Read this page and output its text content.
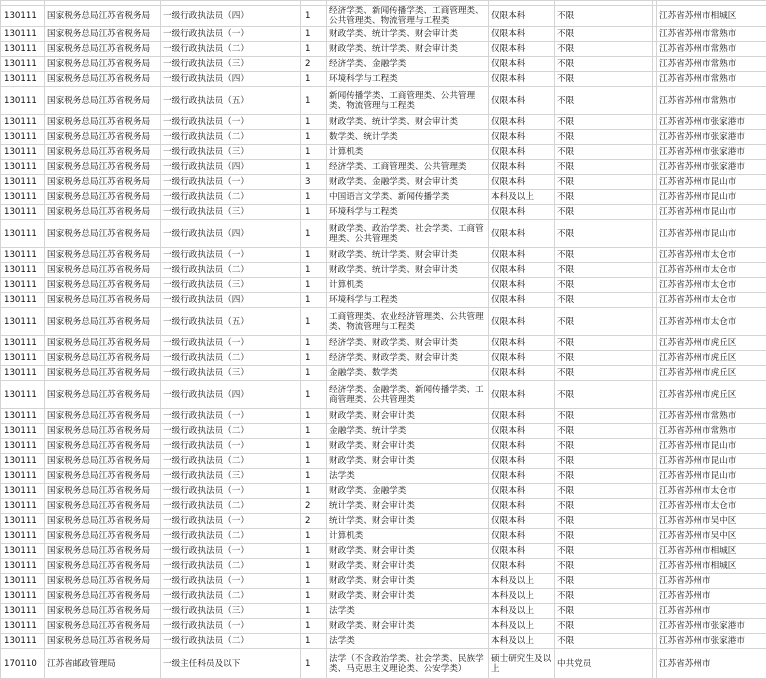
130111	国家税务总局江苏省税务局	一级行政执法员（四）	1	经济学类、新闻传播学类、工商管理类、公共管理类、物流管理与工程类	仅限本科	不限		江苏省苏州市相城区
130111	国家税务总局江苏省税务局	一级行政执法员（一）	1	财政学类、统计学类、财会审计类	仅限本科	不限		江苏省苏州市常熟市
130111	国家税务总局江苏省税务局	一级行政执法员（二）	1	财政学类、统计学类、财会审计类	仅限本科	不限		江苏省苏州市常熟市
130111	国家税务总局江苏省税务局	一级行政执法员（三）	2	经济学类、金融学类	仅限本科	不限		江苏省苏州市常熟市
130111	国家税务总局江苏省税务局	一级行政执法员（四）	1	环境科学与工程类	仅限本科	不限		江苏省苏州市常熟市
130111	国家税务总局江苏省税务局	一级行政执法员（五）	1	新闻传播学类、工商管理类、公共管理类、物流管理与工程类	仅限本科	不限		江苏省苏州市常熟市
130111	国家税务总局江苏省税务局	一级行政执法员（一）	1	财政学类、统计学类、财会审计类	仅限本科	不限		江苏省苏州市张家港市
130111	国家税务总局江苏省税务局	一级行政执法员（二）	1	数学类、统计学类	仅限本科	不限		江苏省苏州市张家港市
130111	国家税务总局江苏省税务局	一级行政执法员（三）	1	计算机类	仅限本科	不限		江苏省苏州市张家港市
130111	国家税务总局江苏省税务局	一级行政执法员（四）	1	经济学类、工商管理类、公共管理类	仅限本科	不限		江苏省苏州市张家港市
130111	国家税务总局江苏省税务局	一级行政执法员（一）	3	财政学类、金融学类、财会审计类	仅限本科	不限		江苏省苏州市昆山市
130111	国家税务总局江苏省税务局	一级行政执法员（二）	1	中国语言文学类、新闻传播学类	本科及以上	不限		江苏省苏州市昆山市
130111	国家税务总局江苏省税务局	一级行政执法员（三）	1	环境科学与工程类	仅限本科	不限		江苏省苏州市昆山市
130111	国家税务总局江苏省税务局	一级行政执法员（四）	1	财政学类、政治学类、社会学类、工商管理类、公共管理类	仅限本科	不限		江苏省苏州市昆山市
130111	国家税务总局江苏省税务局	一级行政执法员（一）	1	财政学类、统计学类、财会审计类	仅限本科	不限		江苏省苏州市太仓市
130111	国家税务总局江苏省税务局	一级行政执法员（二）	1	财政学类、统计学类、财会审计类	仅限本科	不限		江苏省苏州市太仓市
130111	国家税务总局江苏省税务局	一级行政执法员（三）	1	计算机类	仅限本科	不限		江苏省苏州市太仓市
130111	国家税务总局江苏省税务局	一级行政执法员（四）	1	环境科学与工程类	仅限本科	不限		江苏省苏州市太仓市
130111	国家税务总局江苏省税务局	一级行政执法员（五）	1	工商管理类、农业经济管理类、公共管理类、物流管理与工程类	仅限本科	不限		江苏省苏州市太仓市
130111	国家税务总局江苏省税务局	一级行政执法员（一）	1	经济学类、财政学类、财会审计类	仅限本科	不限		江苏省苏州市虎丘区
130111	国家税务总局江苏省税务局	一级行政执法员（二）	1	经济学类、财政学类、财会审计类	仅限本科	不限		江苏省苏州市虎丘区
130111	国家税务总局江苏省税务局	一级行政执法员（三）	1	金融学类、数学类	仅限本科	不限		江苏省苏州市虎丘区
130111	国家税务总局江苏省税务局	一级行政执法员（四）	1	经济学类、金融学类、新闻传播学类、工商管理类、公共管理类	仅限本科	不限		江苏省苏州市虎丘区
130111	国家税务总局江苏省税务局	一级行政执法员（一）	1	财政学类、财会审计类	仅限本科	不限		江苏省苏州市常熟市
130111	国家税务总局江苏省税务局	一级行政执法员（二）	1	金融学类、统计学类	仅限本科	不限		江苏省苏州市常熟市
130111	国家税务总局江苏省税务局	一级行政执法员（一）	1	财政学类、财会审计类	仅限本科	不限		江苏省苏州市昆山市
130111	国家税务总局江苏省税务局	一级行政执法员（二）	1	财政学类、财会审计类	仅限本科	不限		江苏省苏州市昆山市
130111	国家税务总局江苏省税务局	一级行政执法员（三）	1	法学类	仅限本科	不限		江苏省苏州市昆山市
130111	国家税务总局江苏省税务局	一级行政执法员（一）	1	财政学类、金融学类	仅限本科	不限		江苏省苏州市太仓市
130111	国家税务总局江苏省税务局	一级行政执法员（二）	2	统计学类、财会审计类	仅限本科	不限		江苏省苏州市太仓市
130111	国家税务总局江苏省税务局	一级行政执法员（一）	2	统计学类、财会审计类	仅限本科	不限		江苏省苏州市吴中区
130111	国家税务总局江苏省税务局	一级行政执法员（二）	1	计算机类	仅限本科	不限		江苏省苏州市吴中区
130111	国家税务总局江苏省税务局	一级行政执法员（一）	1	财政学类、财会审计类	仅限本科	不限		江苏省苏州市相城区
130111	国家税务总局江苏省税务局	一级行政执法员（二）	1	财政学类、财会审计类	仅限本科	不限		江苏省苏州市相城区
130111	国家税务总局江苏省税务局	一级行政执法员（一）	1	财政学类、财会审计类	本科及以上	不限		江苏省苏州市
130111	国家税务总局江苏省税务局	一级行政执法员（二）	1	财政学类、财会审计类	本科及以上	不限		江苏省苏州市
130111	国家税务总局江苏省税务局	一级行政执法员（三）	1	法学类	本科及以上	不限		江苏省苏州市
130111	国家税务总局江苏省税务局	一级行政执法员（一）	1	财政学类、财会审计类	本科及以上	不限		江苏省苏州市张家港市
130111	国家税务总局江苏省税务局	一级行政执法员（二）	1	法学类	本科及以上	不限		江苏省苏州市张家港市
170110	江苏省邮政管理局	一级主任科员及以下	1	法学（不含政治学类、社会学类、民族学类、马克思主义理论类、公安学类）	硕士研究生及以上	中共党员		江苏省苏州市
